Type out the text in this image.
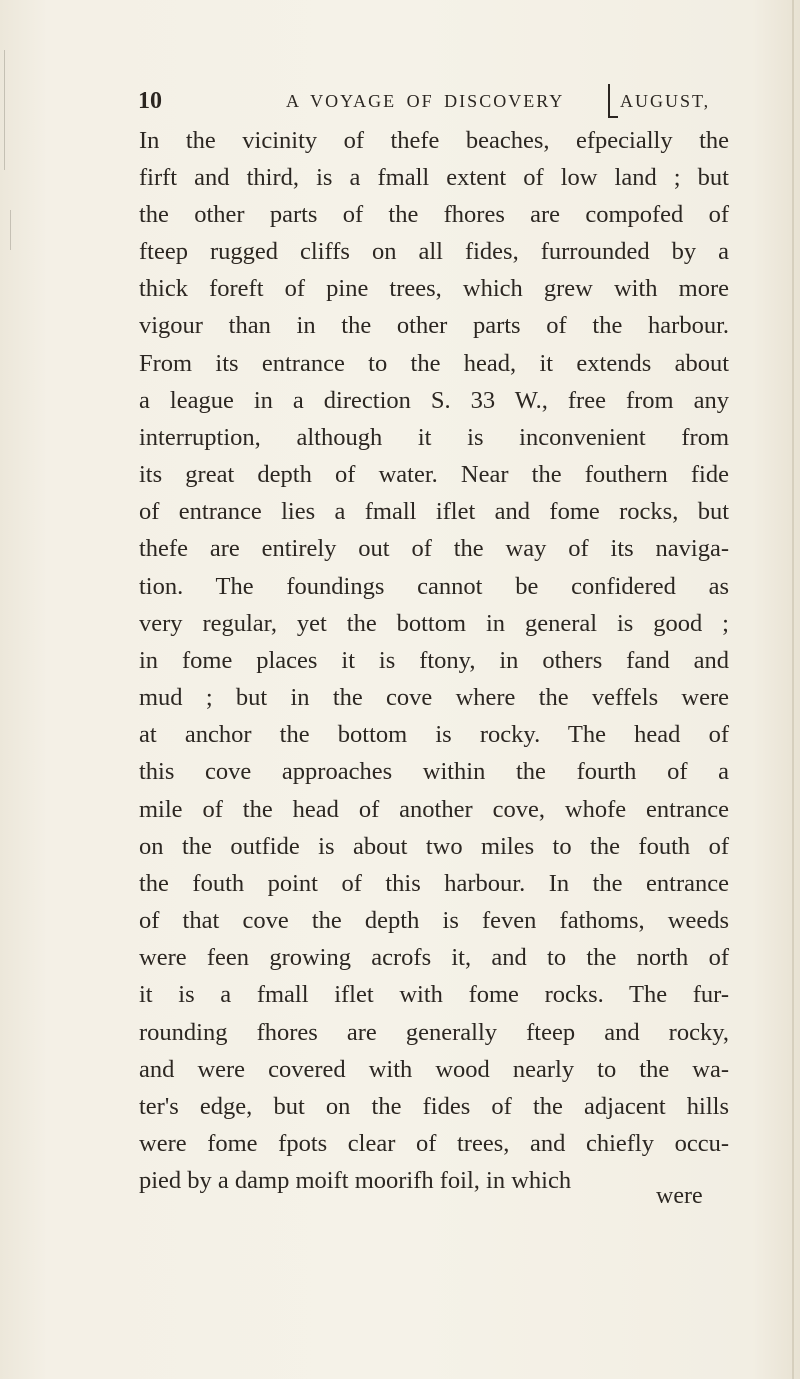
10	A VOYAGE OF DISCOVERY	AUGUST,
In the vicinity of thefe beaches, efpecially the
firft and third, is a fmall extent of low land ; but
the other parts of the fhores are compofed of
fteep rugged cliffs on all fides, furrounded by a
thick foreft of pine trees, which grew with more
vigour than in the other parts of the harbour.
From its entrance to the head, it extends about
a league in a direction S. 33 W., free from any
interruption, although it is inconvenient from
its great depth of water. Near the fouthern fide
of entrance lies a fmall iflet and fome rocks, but
thefe are entirely out of the way of its naviga-
tion. The foundings cannot be confidered as
very regular, yet the bottom in general is good ;
in fome places it is ftony, in others fand and
mud ; but in the cove where the veffels were
at anchor the bottom is rocky. The head of
this cove approaches within the fourth of a
mile of the head of another cove, whofe entrance
on the outfide is about two miles to the fouth of
the fouth point of this harbour. In the entrance
of that cove the depth is feven fathoms, weeds
were feen growing acrofs it, and to the north of
it is a fmall iflet with fome rocks. The fur-
rounding fhores are generally fteep and rocky,
and were covered with wood nearly to the wa-
ter's edge, but on the fides of the adjacent hills
were fome fpots clear of trees, and chiefly occu-
pied by a damp moift moorifh foil, in which
were
